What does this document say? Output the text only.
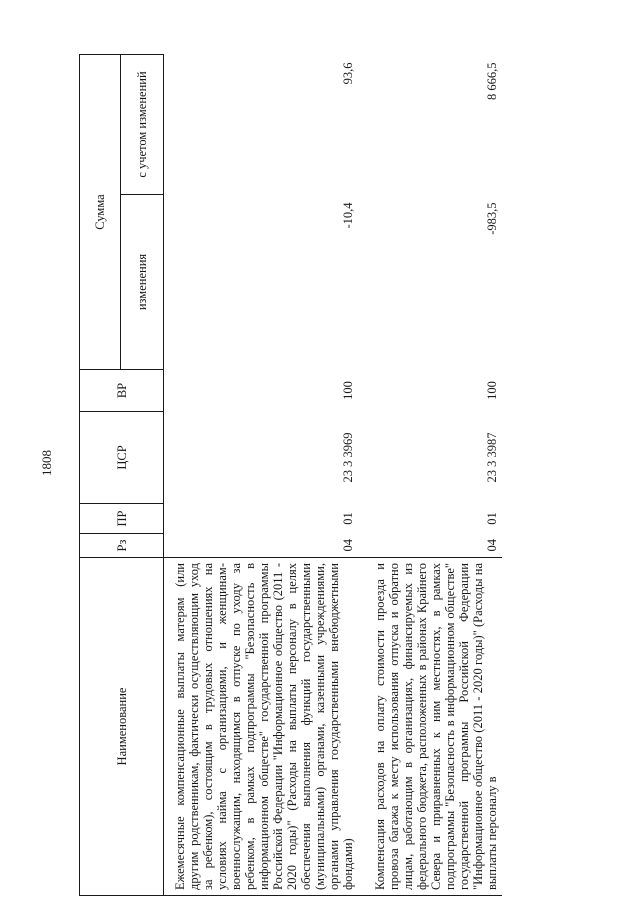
1808
Наименование	Рз	ПР	ЦСР	ВР	Сумма	
					изменения	с учетом изменений

Ежемесячные компенсационные выплаты матерям (или другим родственникам, фактически осуществляющим уход за ребенком), состоящим в трудовых отношениях на условиях найма с организациями, и женщинам-военнослужащим, находящимся в отпуске по уходу за ребенком, в рамках подпрограммы "Безопасность в информационном обществе" государственной программы Российской Федерации "Информационное общество (2011 - 2020 годы)" (Расходы на выплаты персоналу в целях обеспечения выполнения функций государственными (муниципальными) органами, казенными учреждениями, органами управления государственными внебюджетными фондами)	04	01	23 3 3969	100	-10,4	93,6

Компенсация расходов на оплату стоимости проезда и провоза багажа к месту использования отпуска и обратно лицам, работающим в организациях, финансируемых из федерального бюджета, расположенных в районах Крайнего Севера и приравненных к ним местностях, в рамках подпрограммы "Безопасность в информационном обществе" государственной программы Российской Федерации "Информационное общество (2011 - 2020 годы)" (Расходы на выплаты персоналу в	04	01	23 3 3987	100	-983,5	8 666,5
